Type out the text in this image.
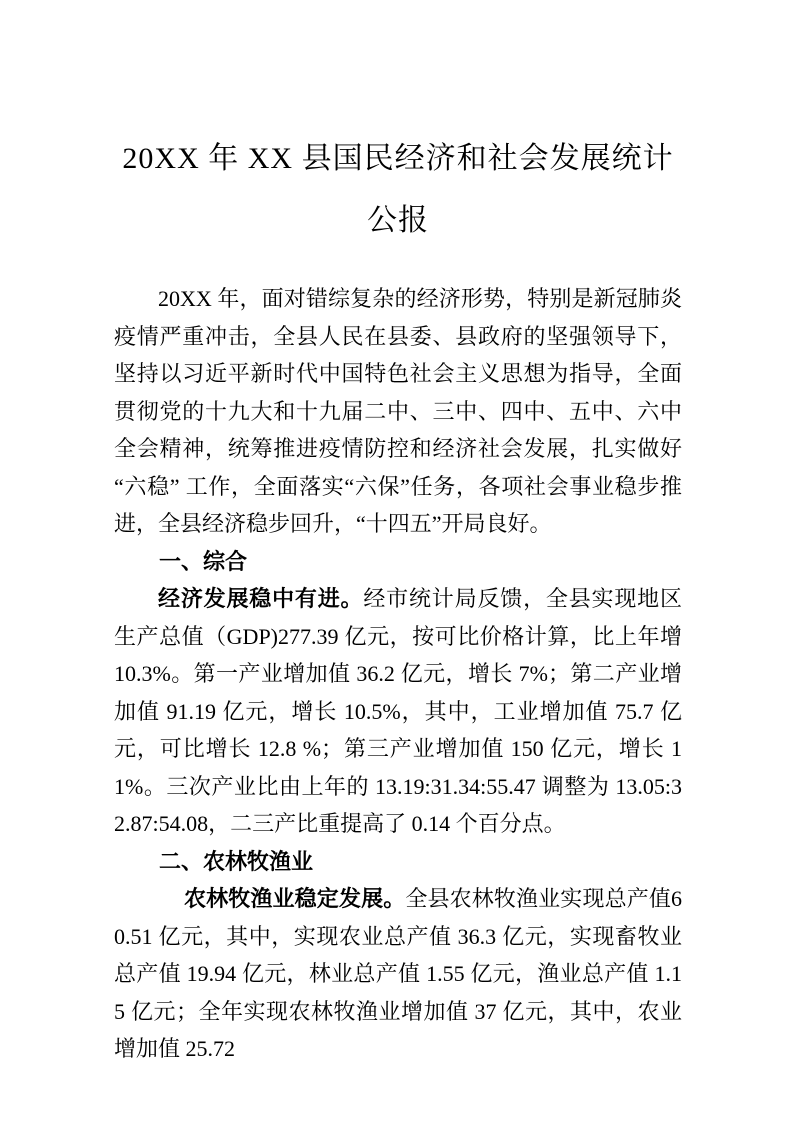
20XX 年 XX 县国民经济和社会发展统计公报

20XX 年，面对错综复杂的经济形势，特别是新冠肺炎疫情严重冲击，全县人民在县委、县政府的坚强领导下，坚持以习近平新时代中国特色社会主义思想为指导，全面贯彻党的十九大和十九届二中、三中、四中、五中、六中全会精神，统筹推进疫情防控和经济社会发展，扎实做好“六稳” 工作，全面落实“六保”任务，各项社会事业稳步推进，全县经济稳步回升，“十四五”开局良好。

一、综合

经济发展稳中有进。经市统计局反馈，全县实现地区生产总值（GDP)277.39 亿元，按可比价格计算，比上年增 10.3%。第一产业增加值 36.2 亿元，增长 7%；第二产业增加值 91.19 亿元，增长 10.5%，其中，工业增加值 75.7 亿元，可比增长 12.8 %；第三产业增加值 150 亿元，增长 11%。三次产业比由上年的 13.19:31.34:55.47 调整为 13.05:32.87:54.08，二三产比重提高了 0.14 个百分点。

二、农林牧渔业

农林牧渔业稳定发展。全县农林牧渔业实现总产值60.51 亿元，其中，实现农业总产值 36.3 亿元，实现畜牧业总产值 19.94 亿元，林业总产值 1.55 亿元，渔业总产值 1.15 亿元；全年实现农林牧渔业增加值 37 亿元，其中，农业增加值 25.72
